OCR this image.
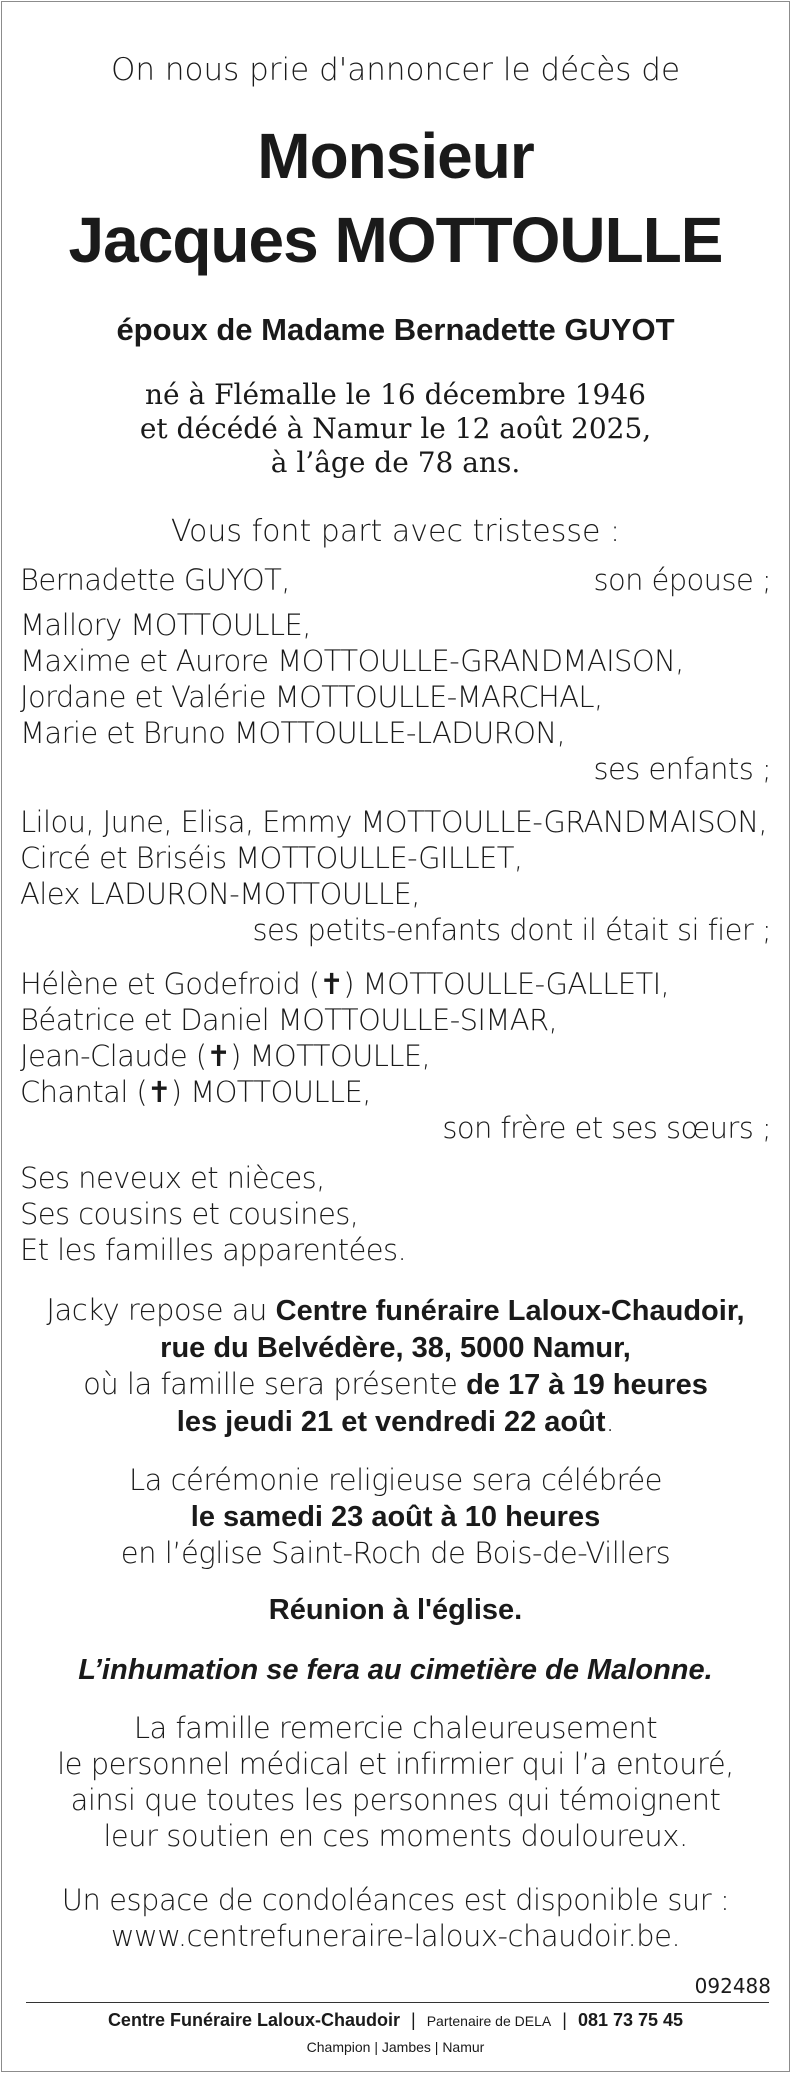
On nous prie d'annoncer le décès de
Monsieur
Jacques MOTTOULLE
époux de Madame Bernadette GUYOT
né à Flémalle le 16 décembre 1946
et décédé à Namur le 12 août 2025,
à l’âge de 78 ans.
Vous font part avec tristesse :
Bernadette GUYOT,	son épouse ;
Mallory MOTTOULLE,
Maxime et Aurore MOTTOULLE-GRANDMAISON,
Jordane et Valérie MOTTOULLE-MARCHAL,
Marie et Bruno MOTTOULLE-LADURON,
ses enfants ;
Lilou, June, Elisa, Emmy MOTTOULLE-GRANDMAISON,
Circé et Briséis MOTTOULLE-GILLET,
Alex LADURON-MOTTOULLE,
ses petits-enfants dont il était si fier ;
Hélène et Godefroid (✝) MOTTOULLE-GALLETI,
Béatrice et Daniel MOTTOULLE-SIMAR,
Jean-Claude (✝) MOTTOULLE,
Chantal (✝) MOTTOULLE,
son frère et ses sœurs ;
Ses neveux et nièces,
Ses cousins et cousines,
Et les familles apparentées.
Jacky repose au Centre funéraire Laloux-Chaudoir,
rue du Belvédère, 38, 5000 Namur,
où la famille sera présente de 17 à 19 heures
les jeudi 21 et vendredi 22 août.
La cérémonie religieuse sera célébrée
le samedi 23 août à 10 heures
en l’église Saint-Roch de Bois-de-Villers
Réunion à l'église.
L’inhumation se fera au cimetière de Malonne.
La famille remercie chaleureusement
le personnel médical et infirmier qui l’a entouré,
ainsi que toutes les personnes qui témoignent
leur soutien en ces moments douloureux.
Un espace de condoléances est disponible sur :
www.centrefuneraire-laloux-chaudoir.be.
092488
Centre Funéraire Laloux-Chaudoir | Partenaire de DELA | 081 73 75 45
Champion | Jambes | Namur
